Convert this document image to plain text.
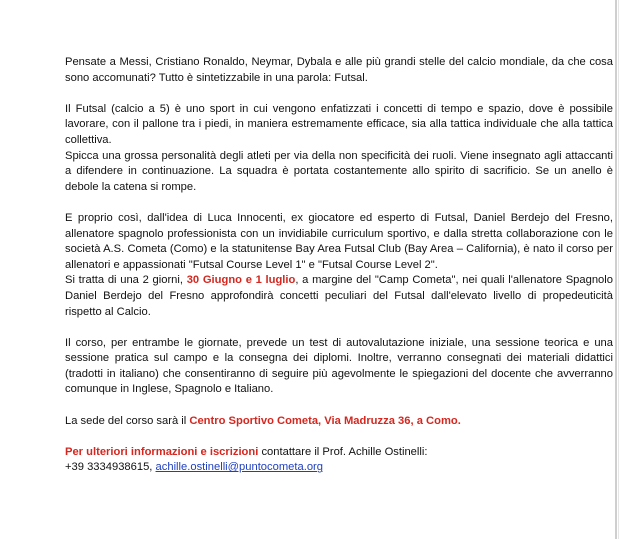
Pensate a Messi, Cristiano Ronaldo, Neymar, Dybala e alle più grandi stelle del calcio mondiale, da che cosa sono accomunati? Tutto è sintetizzabile in una parola: Futsal.

Il Futsal (calcio a 5) è uno sport in cui vengono enfatizzati i concetti di tempo e spazio, dove è possibile lavorare, con il pallone tra i piedi, in maniera estremamente efficace, sia alla tattica individuale che alla tattica collettiva.

Spicca una grossa personalità degli atleti per via della non specificità dei ruoli. Viene insegnato agli attaccanti a difendere in continuazione. La squadra è portata costantemente allo spirito di sacrificio. Se un anello è debole la catena si rompe.

E proprio così, dall'idea di Luca Innocenti, ex giocatore ed esperto di Futsal, Daniel Berdejo del Fresno, allenatore spagnolo professionista con un invidiabile curriculum sportivo, e dalla stretta collaborazione con le società A.S. Cometa (Como) e la statunitense Bay Area Futsal Club (Bay Area – California), è nato il corso per allenatori e appassionati "Futsal Course Level 1" e "Futsal Course Level 2".

Si tratta di una 2 giorni, 30 Giugno e 1 luglio, a margine del "Camp Cometa", nei quali l'allenatore Spagnolo Daniel Berdejo del Fresno approfondirà concetti peculiari del Futsal dall'elevato livello di propedeuticità rispetto al Calcio.

Il corso, per entrambe le giornate, prevede un test di autovalutazione iniziale, una sessione teorica e una sessione pratica sul campo e la consegna dei diplomi. Inoltre, verranno consegnati dei materiali didattici (tradotti in italiano) che consentiranno di seguire più agevolmente le spiegazioni del docente che avverranno comunque in Inglese, Spagnolo e Italiano.

La sede del corso sarà il Centro Sportivo Cometa, Via Madruzza 36, a Como.

Per ulteriori informazioni e iscrizioni contattare il Prof. Achille Ostinelli:
+39 3334938615, achille.ostinelli@puntocometa.org
